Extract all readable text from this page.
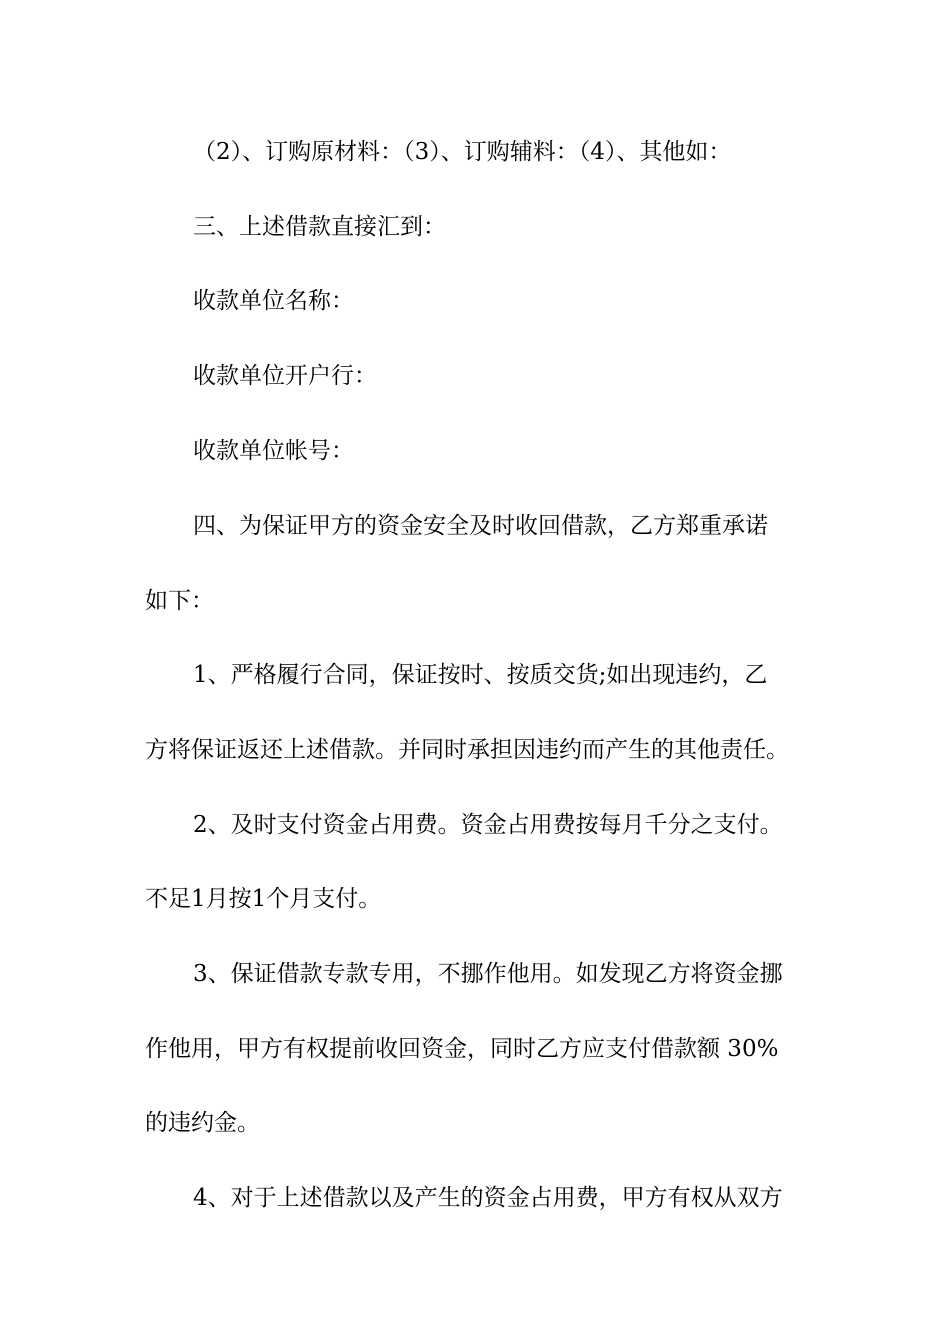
（2）、订购原材料：（3）、订购辅料：（4）、其他如：
三、上述借款直接汇到：
收款单位名称：
收款单位开户行：
收款单位帐号：
四、为保证甲方的资金安全及时收回借款，乙方郑重承诺
如下：
1、严格履行合同，保证按时、按质交货;如出现违约，乙
方将保证返还上述借款。并同时承担因违约而产生的其他责任。
2、及时支付资金占用费。资金占用费按每月千分之支付。
不足1月按1个月支付。
3、保证借款专款专用，不挪作他用。如发现乙方将资金挪
作他用，甲方有权提前收回资金，同时乙方应支付借款额 30%
的违约金。
4、对于上述借款以及产生的资金占用费，甲方有权从双方
